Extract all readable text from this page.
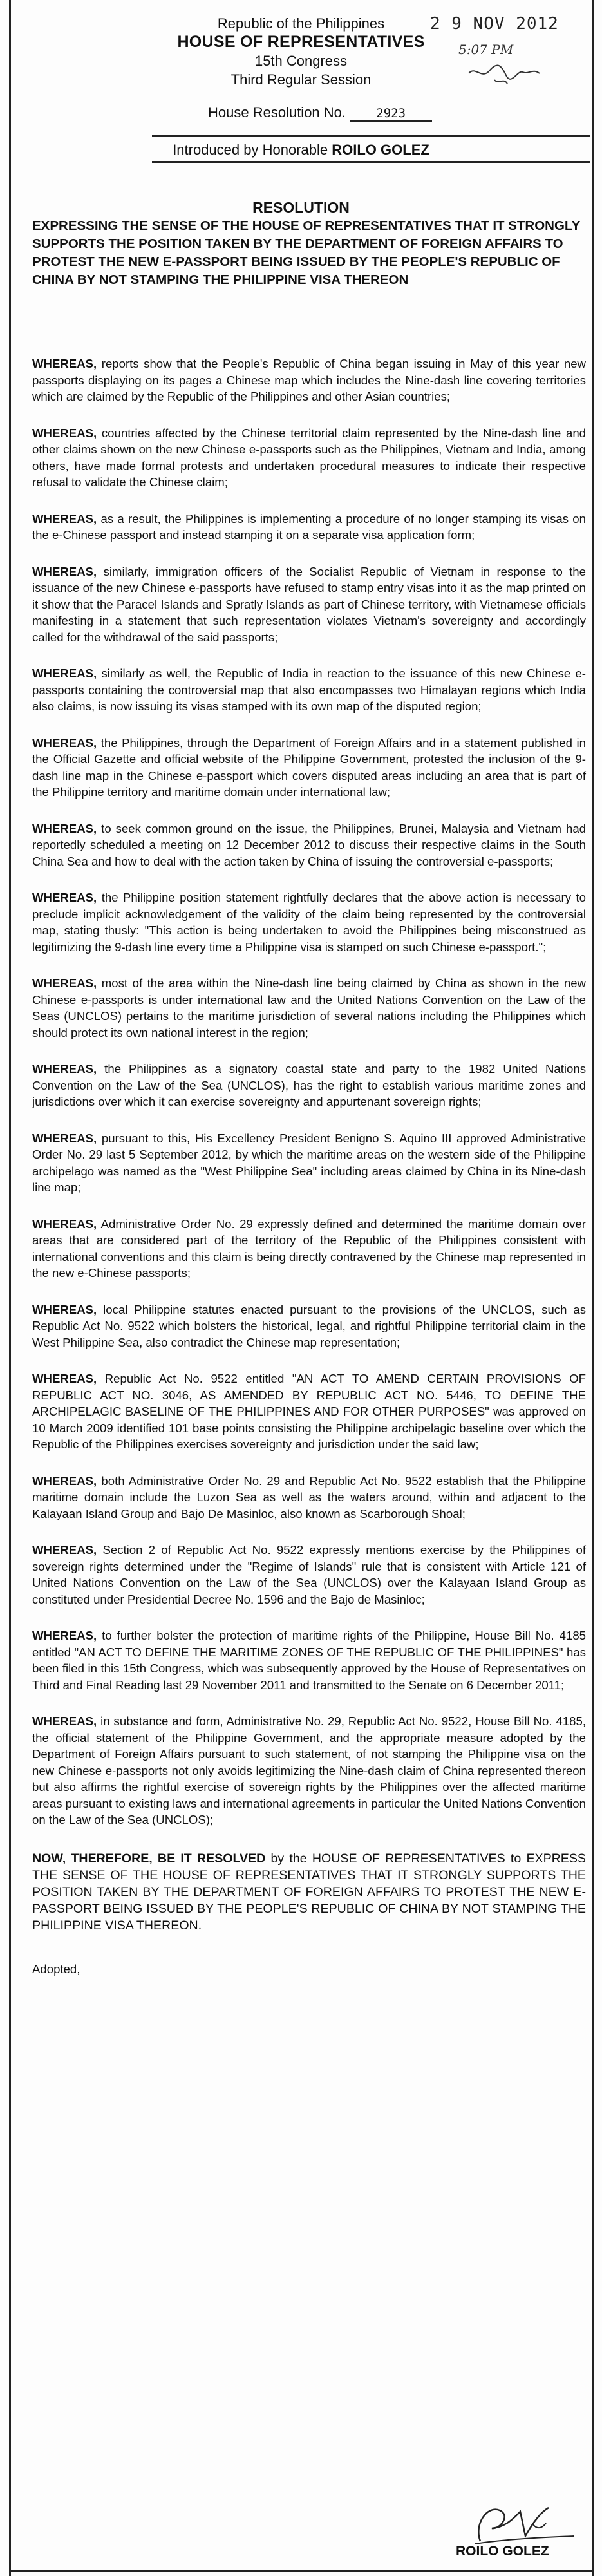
Republic of the Philippines
HOUSE OF REPRESENTATIVES
15th Congress
Third Regular Session
House Resolution No. 2923
2 9 NOV 2012
5:07 PM
Introduced by Honorable ROILO GOLEZ
RESOLUTION
EXPRESSING THE SENSE OF THE HOUSE OF REPRESENTATIVES THAT IT STRONGLY SUPPORTS THE POSITION TAKEN BY THE DEPARTMENT OF FOREIGN AFFAIRS TO PROTEST THE NEW E-PASSPORT BEING ISSUED BY THE PEOPLE'S REPUBLIC OF CHINA BY NOT STAMPING THE PHILIPPINE VISA THEREON

WHEREAS, reports show that the People's Republic of China began issuing in May of this year new passports displaying on its pages a Chinese map which includes the Nine-dash line covering territories which are claimed by the Republic of the Philippines and other Asian countries;

WHEREAS, countries affected by the Chinese territorial claim represented by the Nine-dash line and other claims shown on the new Chinese e-passports such as the Philippines, Vietnam and India, among others, have made formal protests and undertaken procedural measures to indicate their respective refusal to validate the Chinese claim;

WHEREAS, as a result, the Philippines is implementing a procedure of no longer stamping its visas on the e-Chinese passport and instead stamping it on a separate visa application form;

WHEREAS, similarly, immigration officers of the Socialist Republic of Vietnam in response to the issuance of the new Chinese e-passports have refused to stamp entry visas into it as the map printed on it show that the Paracel Islands and Spratly Islands as part of Chinese territory, with Vietnamese officials manifesting in a statement that such representation violates Vietnam's sovereignty and accordingly called for the withdrawal of the said passports;

WHEREAS, similarly as well, the Republic of India in reaction to the issuance of this new Chinese e-passports containing the controversial map that also encompasses two Himalayan regions which India also claims, is now issuing its visas stamped with its own map of the disputed region;

WHEREAS, the Philippines, through the Department of Foreign Affairs and in a statement published in the Official Gazette and official website of the Philippine Government, protested the inclusion of the 9-dash line map in the Chinese e-passport which covers disputed areas including an area that is part of the Philippine territory and maritime domain under international law;

WHEREAS, to seek common ground on the issue, the Philippines, Brunei, Malaysia and Vietnam had reportedly scheduled a meeting on 12 December 2012 to discuss their respective claims in the South China Sea and how to deal with the action taken by China of issuing the controversial e-passports;

WHEREAS, the Philippine position statement rightfully declares that the above action is necessary to preclude implicit acknowledgement of the validity of the claim being represented by the controversial map, stating thusly: "This action is being undertaken to avoid the Philippines being misconstrued as legitimizing the 9-dash line every time a Philippine visa is stamped on such Chinese e-passport.";

WHEREAS, most of the area within the Nine-dash line being claimed by China as shown in the new Chinese e-passports is under international law and the United Nations Convention on the Law of the Seas (UNCLOS) pertains to the maritime jurisdiction of several nations including the Philippines which should protect its own national interest in the region;

WHEREAS, the Philippines as a signatory coastal state and party to the 1982 United Nations Convention on the Law of the Sea (UNCLOS), has the right to establish various maritime zones and jurisdictions over which it can exercise sovereignty and appurtenant sovereign rights;

WHEREAS, pursuant to this, His Excellency President Benigno S. Aquino III approved Administrative Order No. 29 last 5 September 2012, by which the maritime areas on the western side of the Philippine archipelago was named as the "West Philippine Sea" including areas claimed by China in its Nine-dash line map;

WHEREAS, Administrative Order No. 29 expressly defined and determined the maritime domain over areas that are considered part of the territory of the Republic of the Philippines consistent with international conventions and this claim is being directly contravened by the Chinese map represented in the new e-Chinese passports;

WHEREAS, local Philippine statutes enacted pursuant to the provisions of the UNCLOS, such as Republic Act No. 9522 which bolsters the historical, legal, and rightful Philippine territorial claim in the West Philippine Sea, also contradict the Chinese map representation;

WHEREAS, Republic Act No. 9522 entitled "AN ACT TO AMEND CERTAIN PROVISIONS OF REPUBLIC ACT NO. 3046, AS AMENDED BY REPUBLIC ACT NO. 5446, TO DEFINE THE ARCHIPELAGIC BASELINE OF THE PHILIPPINES AND FOR OTHER PURPOSES" was approved on 10 March 2009 identified 101 base points consisting the Philippine archipelagic baseline over which the Republic of the Philippines exercises sovereignty and jurisdiction under the said law;

WHEREAS, both Administrative Order No. 29 and Republic Act No. 9522 establish that the Philippine maritime domain include the Luzon Sea as well as the waters around, within and adjacent to the Kalayaan Island Group and Bajo De Masinloc, also known as Scarborough Shoal;

WHEREAS, Section 2 of Republic Act No. 9522 expressly mentions exercise by the Philippines of sovereign rights determined under the "Regime of Islands" rule that is consistent with Article 121 of United Nations Convention on the Law of the Sea (UNCLOS) over the Kalayaan Island Group as constituted under Presidential Decree No. 1596 and the Bajo de Masinloc;

WHEREAS, to further bolster the protection of maritime rights of the Philippine, House Bill No. 4185 entitled "AN ACT TO DEFINE THE MARITIME ZONES OF THE REPUBLIC OF THE PHILIPPINES" has been filed in this 15th Congress, which was subsequently approved by the House of Representatives on Third and Final Reading last 29 November 2011 and transmitted to the Senate on 6 December 2011;

WHEREAS, in substance and form, Administrative No. 29, Republic Act No. 9522, House Bill No. 4185, the official statement of the Philippine Government, and the appropriate measure adopted by the Department of Foreign Affairs pursuant to such statement, of not stamping the Philippine visa on the new Chinese e-passports not only avoids legitimizing the Nine-dash claim of China represented thereon but also affirms the rightful exercise of sovereign rights by the Philippines over the affected maritime areas pursuant to existing laws and international agreements in particular the United Nations Convention on the Law of the Sea (UNCLOS);

NOW, THEREFORE, BE IT RESOLVED by the HOUSE OF REPRESENTATIVES to EXPRESS THE SENSE OF THE HOUSE OF REPRESENTATIVES THAT IT STRONGLY SUPPORTS THE POSITION TAKEN BY THE DEPARTMENT OF FOREIGN AFFAIRS TO PROTEST THE NEW E-PASSPORT BEING ISSUED BY THE PEOPLE'S REPUBLIC OF CHINA BY NOT STAMPING THE PHILIPPINE VISA THEREON.

Adopted,

ROILO GOLEZ
